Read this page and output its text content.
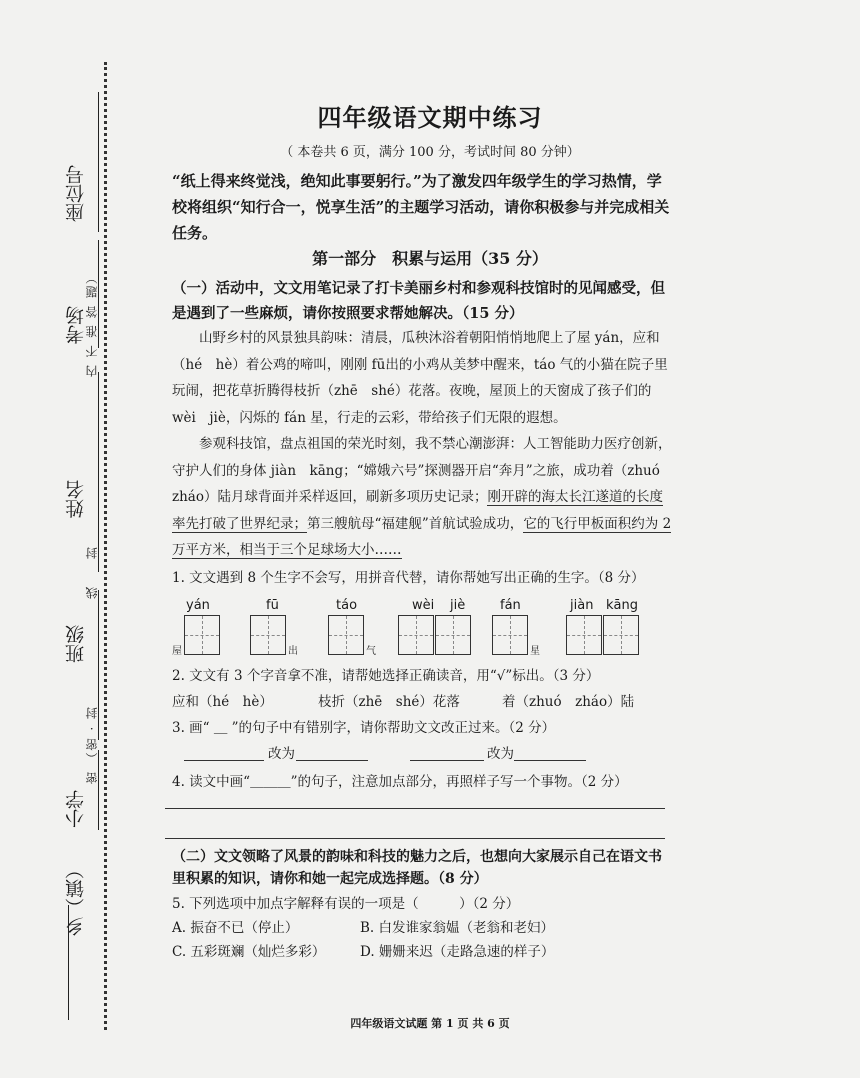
座位号
考场
姓名
班级
小学
乡（镇）
（密 · 封
内 不 准 答 题）
密
封
线
四年级语文期中练习
（ 本卷共 6 页，满分 100 分，考试时间 80 分钟）
“纸上得来终觉浅，绝知此事要躬行。”为了激发四年级学生的学习热情，学校将组织“知行合一，悦享生活”的主题学习活动，请你积极参与并完成相关任务。
第一部分　积累与运用（35 分）
（一）活动中，文文用笔记录了打卡美丽乡村和参观科技馆时的见闻感受，但是遇到了一些麻烦，请你按照要求帮她解决。（15 分）

山野乡村的风景独具韵味：清晨，瓜秧沐浴着朝阳悄悄地爬上了屋 yán，应和（hé　hè）着公鸡的啼叫，刚刚 fū出的小鸡从美梦中醒来，táo 气的小猫在院子里玩闹，把花草折腾得枝折（zhē　shé）花落。夜晚，屋顶上的天窗成了孩子们的 wèi　jiè，闪烁的 fán 星，行走的云彩，带给孩子们无限的遐想。

参观科技馆，盘点祖国的荣光时刻，我不禁心潮澎湃：人工智能助力医疗创新，守护人们的身体 jiàn　kāng；“嫦娥六号”探测器开启“奔月”之旅，成功着（zhuó　zháo）陆月球背面并采样返回，刷新多项历史记录；刚开辟的海太长江遂道的长度率先打破了世界纪录；第三艘航母“福建舰”首航试验成功，它的飞行甲板面积约为 2 万平方米，相当于三个足球场大小……

1. 文文遇到 8 个生字不会写，用拼音代替，请你帮她写出正确的生字。（8 分）
yán	fū	táo	wèi jiè	fán	jiàn kāng
屋	出	气	星
2. 文文有 3 个字音拿不准，请帮她选择正确读音，用“√”标出。（3 分）
应和（hé　hè）	枝折（zhē　shé）花落	着（zhuó　zháo）陆
3. 画“ ＿ ”的句子中有错别字，请你帮助文文改正过来。（2 分）
改为	改为
4. 读文中画“＿＿＿”的句子，注意加点部分，再照样子写一个事物。（2 分）
（二）文文领略了风景的韵味和科技的魅力之后，也想向大家展示自己在语文书里积累的知识，请你和她一起完成选择题。（8 分）
5. 下列选项中加点字解释有误的一项是（　　　）（2 分）
A. 振奋不已（停止）	B. 白发谁家翁媪（老翁和老妇）
C. 五彩斑斓（灿烂多彩）	D. 姗姗来迟（走路急速的样子）
四年级语文试题 第 1 页 共 6 页
